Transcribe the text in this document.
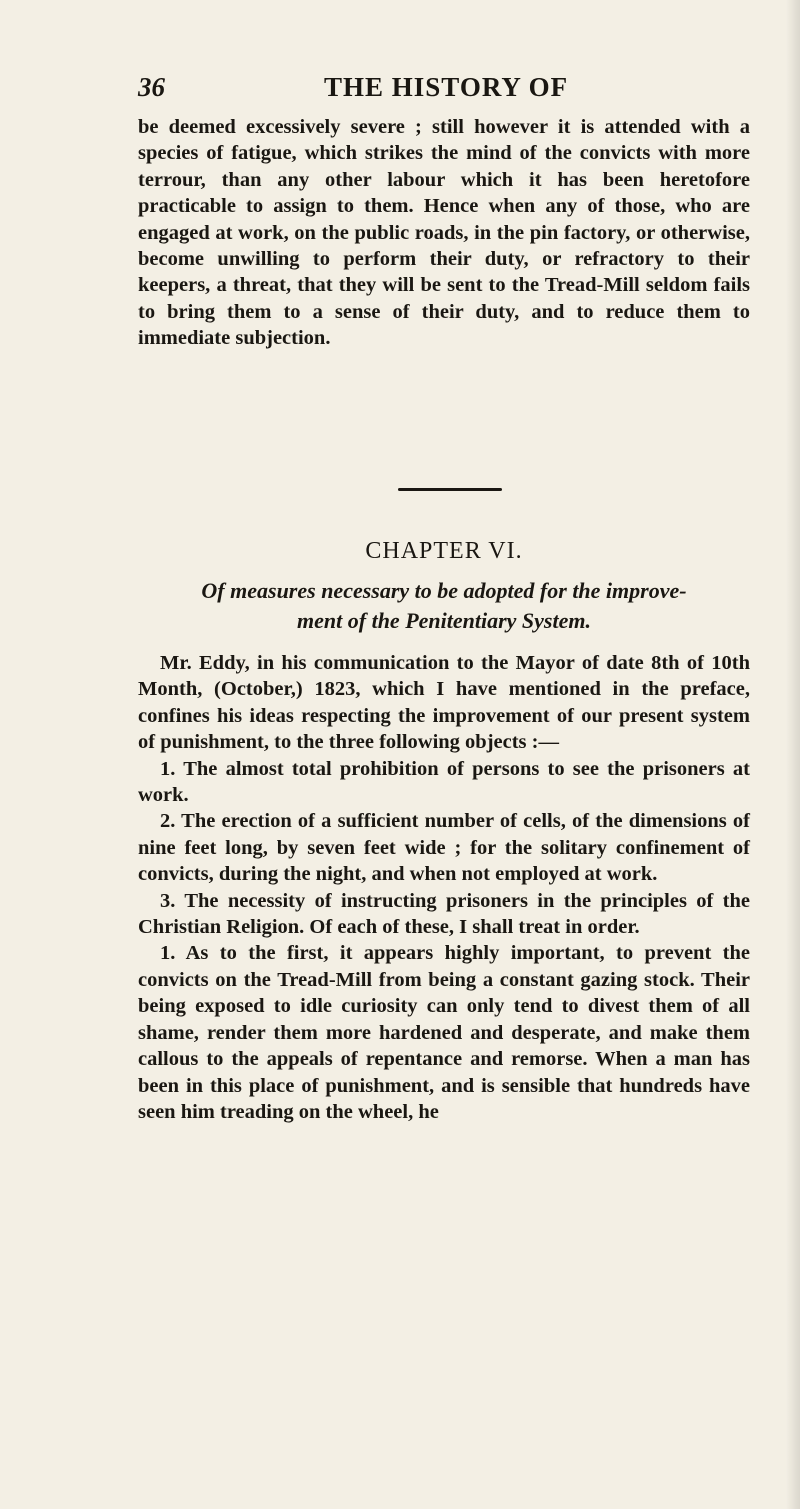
36	THE HISTORY OF

be deemed excessively severe ; still however it is attended with a species of fatigue, which strikes the mind of the convicts with more terrour, than any other labour which it has been heretofore practicable to assign to them. Hence when any of those, who are engaged at work, on the public roads, in the pin factory, or otherwise, become unwilling to perform their duty, or refractory to their keepers, a threat, that they will be sent to the Tread-Mill seldom fails to bring them to a sense of their duty, and to reduce them to immediate subjection.

CHAPTER VI.
Of measures necessary to be adopted for the improve-
ment of the Penitentiary System.

Mr. Eddy, in his communication to the Mayor of date 8th of 10th Month, (October,) 1823, which I have mentioned in the preface, confines his ideas respecting the improvement of our present system of punishment, to the three following objects :—

1. The almost total prohibition of persons to see the prisoners at work.

2. The erection of a sufficient number of cells, of the dimensions of nine feet long, by seven feet wide ; for the solitary confinement of convicts, during the night, and when not employed at work.

3. The necessity of instructing prisoners in the principles of the Christian Religion. Of each of these, I shall treat in order.

1. As to the first, it appears highly important, to prevent the convicts on the Tread-Mill from being a constant gazing stock. Their being exposed to idle curiosity can only tend to divest them of all shame, render them more hardened and desperate, and make them callous to the appeals of repentance and remorse. When a man has been in this place of punishment, and is sensible that hundreds have seen him treading on the wheel, he
